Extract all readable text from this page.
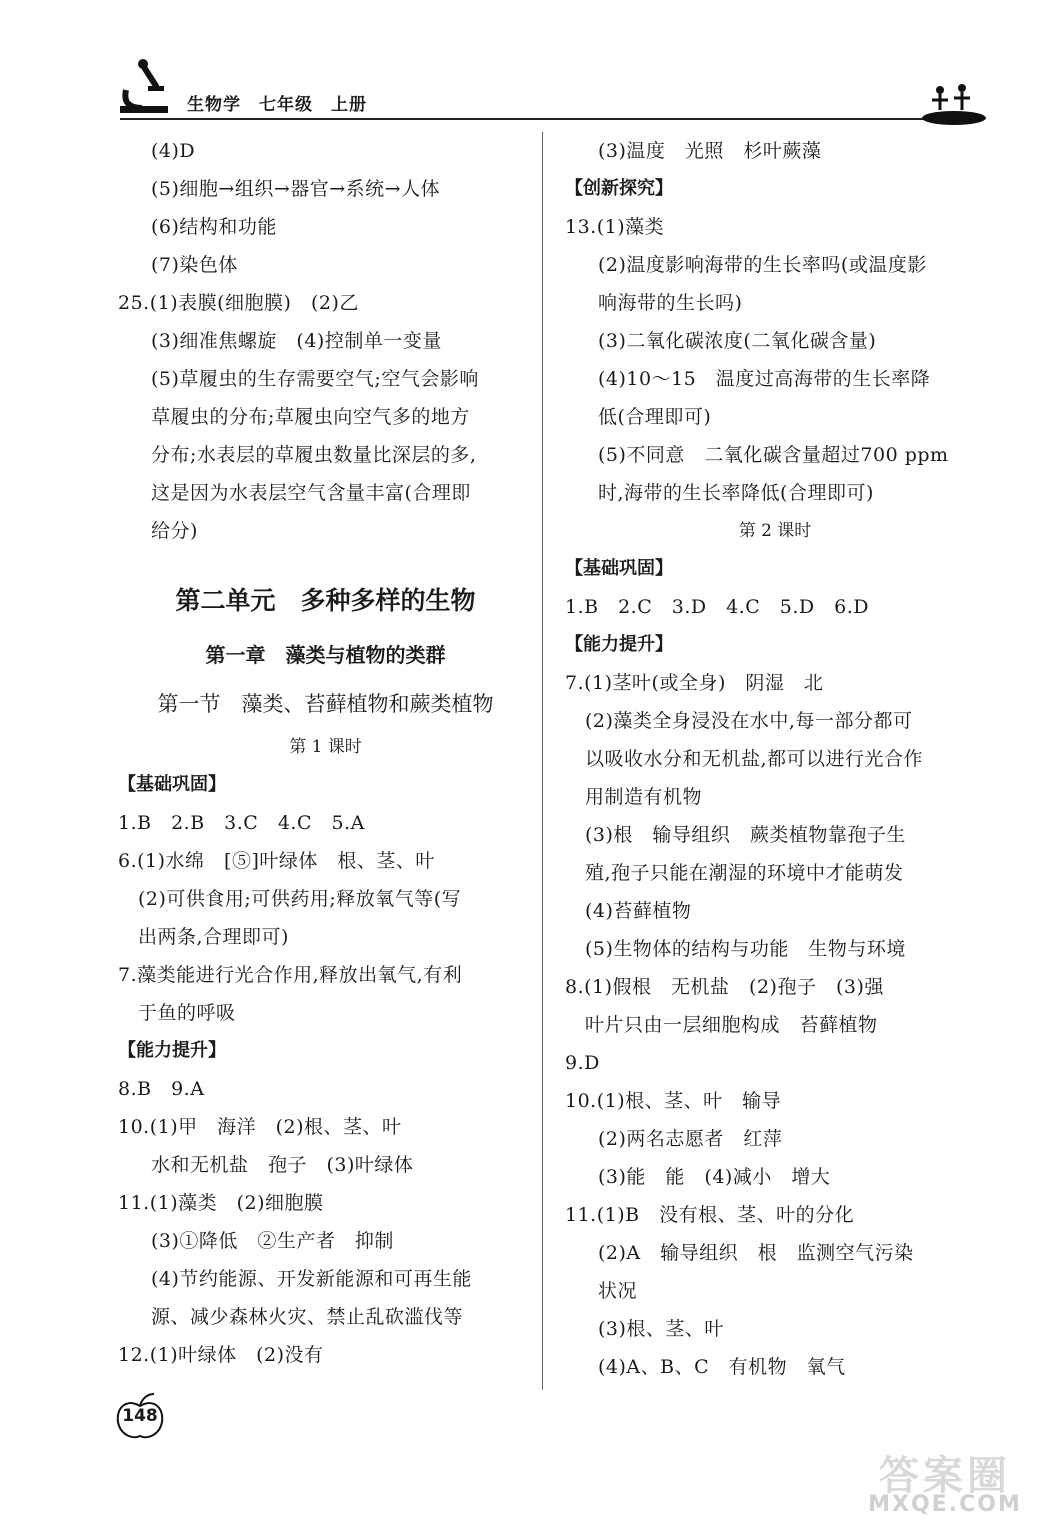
生物学　七年级　上册
(4)D
(5)细胞→组织→器官→系统→人体
(6)结构和功能
(7)染色体
25.(1)表膜(细胞膜)　(2)乙
(3)细准焦螺旋　(4)控制单一变量
(5)草履虫的生存需要空气;空气会影响
草履虫的分布;草履虫向空气多的地方
分布;水表层的草履虫数量比深层的多,
这是因为水表层空气含量丰富(合理即
给分)
第二单元　多种多样的生物
第一章　藻类与植物的类群
第一节　藻类、苔藓植物和蕨类植物
第 1 课时
【基础巩固】
1.B　2.B　3.C　4.C　5.A
6.(1)水绵　[⑤]叶绿体　根、茎、叶
(2)可供食用;可供药用;释放氧气等(写
出两条,合理即可)
7.藻类能进行光合作用,释放出氧气,有利
于鱼的呼吸
【能力提升】
8.B　9.A
10.(1)甲　海洋　(2)根、茎、叶
水和无机盐　孢子　(3)叶绿体
11.(1)藻类　(2)细胞膜
(3)①降低　②生产者　抑制
(4)节约能源、开发新能源和可再生能
源、减少森林火灾、禁止乱砍滥伐等
12.(1)叶绿体　(2)没有
(3)温度　光照　杉叶蕨藻
【创新探究】
13.(1)藻类
(2)温度影响海带的生长率吗(或温度影
响海带的生长吗)
(3)二氧化碳浓度(二氧化碳含量)
(4)10～15　温度过高海带的生长率降
低(合理即可)
(5)不同意　二氧化碳含量超过700 ppm
时,海带的生长率降低(合理即可)
第 2 课时
【基础巩固】
1.B　2.C　3.D　4.C　5.D　6.D
【能力提升】
7.(1)茎叶(或全身)　阴湿　北
(2)藻类全身浸没在水中,每一部分都可
以吸收水分和无机盐,都可以进行光合作
用制造有机物
(3)根　输导组织　蕨类植物靠孢子生
殖,孢子只能在潮湿的环境中才能萌发
(4)苔藓植物
(5)生物体的结构与功能　生物与环境
8.(1)假根　无机盐　(2)孢子　(3)强
叶片只由一层细胞构成　苔藓植物
9.D
10.(1)根、茎、叶　输导
(2)两名志愿者　红萍
(3)能　能　(4)减小　增大
11.(1)B　没有根、茎、叶的分化
(2)A　输导组织　根　监测空气污染
状况
(3)根、茎、叶
(4)A、B、C　有机物　氧气
148
答案圈
MXQE.COM
